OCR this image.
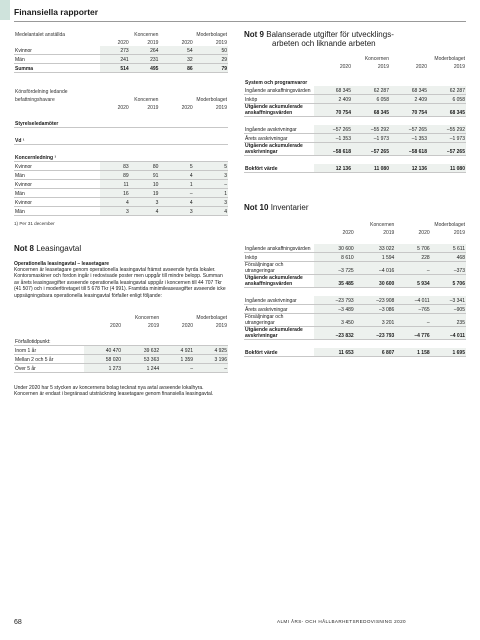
Finansiella rapporter
Medelantalet anställda	Koncernen		Moderbolaget	
	2020	2019	2020	2019
Kvinnor	273	264	54	50
Män	241	231	32	29
Summa	514	495	86	79
Könsfördelning ledande				
befattningshavare	Koncernen		Moderbolaget	
	2020	2019	2020	2019

Styrelseledamöter				

Vd ¹				

Koncernledning ¹				
Kvinnor	83	80	5	5
Män	89	91	4	3
Kvinnor	11	10	1	–
Män	16	19	–	1
Kvinnor	4	3	4	3
Män	3	4	3	4
1) Per 31 december
Not 8 Leasingavtal
Operationella leasingavtal – leasetagare

Koncernen är leasetagare genom operationella leasingavtal främst avseende hyrda lokaler. Kontorsmaskiner och fordon ingår i redovisade poster men uppgår till mindre belopp. Summan av årets leasingavgifter avseende operationella leasingavtal uppgår i koncernen till 44 707 Tkr (41 507) och i moderföretaget till 5 678 Tkr (4 991). Framtida minimileaseavgifter avseende icke uppsägningsbara operationella leasingavtal förfaller enligt följande:

	Koncernen		Moderbolaget	
	2020	2019	2020	2019

Förfallotidpunkt:				
Inom 1 år	40 470	39 632	4 921	4 925
Mellan 2 och 5 år	58 020	53 363	1 359	3 196
Över 5 år	1 273	1 244	–	–

Under 2020 har 5 stycken av koncernens bolag tecknat nya avtal avseende lokalhyra. Koncernen är endast i begränsad utsträckning leasetagare genom finansiella leasingavtal.

Not 9 Balanserade utgifter för utvecklings-
arbeten och liknande arbeten
	Koncernen		Moderbolaget	
	2020	2019	2020	2019

System och programvaror				
Ingående anskaffningsvärden	68 345	62 287	68 345	62 287
Inköp	2 409	6 058	2 409	6 058
Utgående ackumulerade anskaffningsvärden	70 754	68 345	70 754	68 345

Ingående avskrivningar	–57 265	–55 292	–57 265	–55 292
Årets avskrivningar	–1 353	–1 973	–1 353	–1 973
Utgående ackumulerade avskrivningar	–58 618	–57 265	–58 618	–57 265

Bokfört värde	12 136	11 080	12 136	11 080
Not 10 Inventarier
	Koncernen		Moderbolaget	
	2020	2019	2020	2019

Ingående anskaffningsvärden	30 600	33 022	5 706	5 611
Inköp	8 610	1 594	228	468
Försäljningar och utrangeringar	–3 725	–4 016	–	–373
Utgående ackumulerade anskaffningsvärden	35 485	30 600	5 934	5 706

Ingående avskrivningar	–23 793	–23 908	–4 011	–3 341
Årets avskrivningar	–3 489	–3 086	–765	–905
Försäljningar och utrangeringar	3 450	3 201	–	235
Utgående ackumulerade avskrivningar	–23 832	–23 793	–4 776	–4 011

Bokfört värde	11 653	6 807	1 158	1 695
68	ALMI ÅRS- OCH HÅLLBARHETSREDOVISNING 2020
